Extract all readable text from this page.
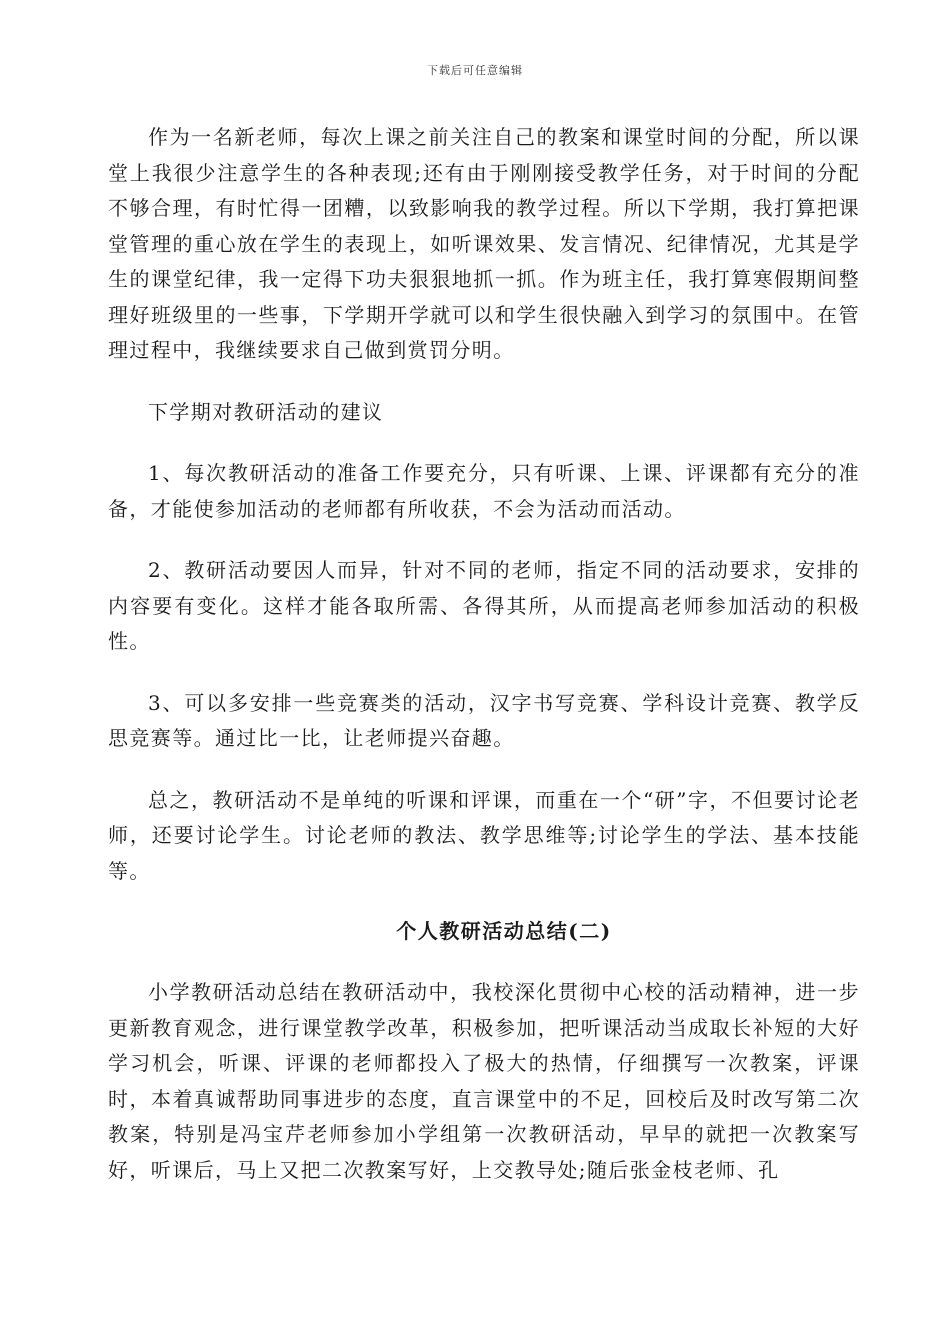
下载后可任意编辑

作为一名新老师，每次上课之前关注自己的教案和课堂时间的分配，所以课堂上我很少注意学生的各种表现;还有由于刚刚接受教学任务，对于时间的分配不够合理，有时忙得一团糟，以致影响我的教学过程。所以下学期，我打算把课堂管理的重心放在学生的表现上，如听课效果、发言情况、纪律情况，尤其是学生的课堂纪律，我一定得下功夫狠狠地抓一抓。作为班主任，我打算寒假期间整理好班级里的一些事，下学期开学就可以和学生很快融入到学习的氛围中。在管理过程中，我继续要求自己做到赏罚分明。

下学期对教研活动的建议

1、每次教研活动的准备工作要充分，只有听课、上课、评课都有充分的准备，才能使参加活动的老师都有所收获，不会为活动而活动。

2、教研活动要因人而异，针对不同的老师，指定不同的活动要求，安排的内容要有变化。这样才能各取所需、各得其所，从而提高老师参加活动的积极性。

3、可以多安排一些竞赛类的活动，汉字书写竞赛、学科设计竞赛、教学反思竞赛等。通过比一比，让老师提兴奋趣。

总之，教研活动不是单纯的听课和评课，而重在一个“研”字，不但要讨论老师，还要讨论学生。讨论老师的教法、教学思维等;讨论学生的学法、基本技能等。

个人教研活动总结(二)

小学教研活动总结在教研活动中，我校深化贯彻中心校的活动精神，进一步更新教育观念，进行课堂教学改革，积极参加，把听课活动当成取长补短的大好学习机会，听课、评课的老师都投入了极大的热情，仔细撰写一次教案，评课时，本着真诚帮助同事进步的态度，直言课堂中的不足，回校后及时改写第二次教案，特别是冯宝芹老师参加小学组第一次教研活动，早早的就把一次教案写好，听课后，马上又把二次教案写好，上交教导处;随后张金枝老师、孔
